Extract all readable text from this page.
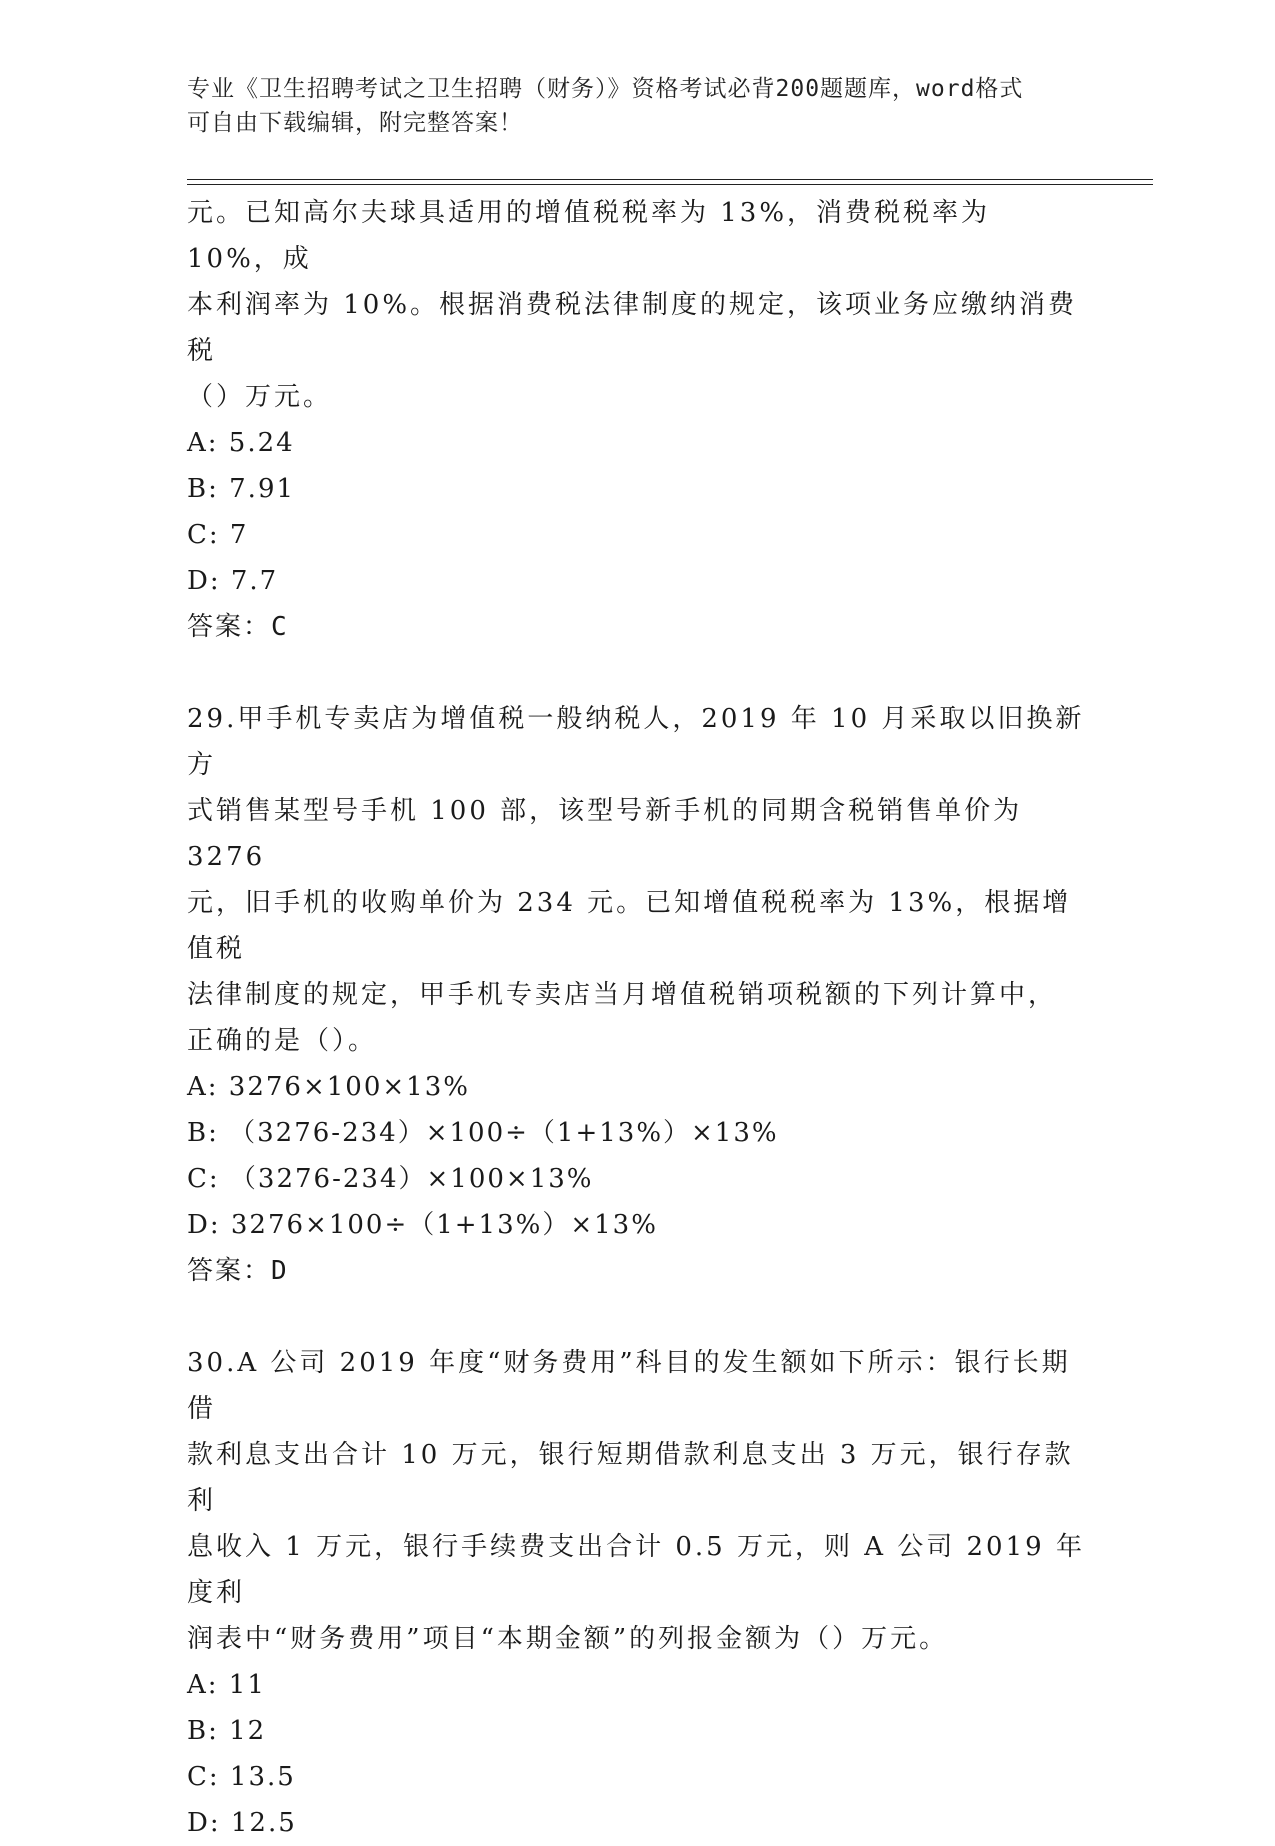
专业《卫生招聘考试之卫生招聘（财务）》资格考试必背200题题库，word格式
可自由下载编辑，附完整答案！
元。已知高尔夫球具适用的增值税税率为 13%，消费税税率为 10%，成
本利润率为 10%。根据消费税法律制度的规定，该项业务应缴纳消费税
（）万元。
A: 5.24
B: 7.91
C: 7
D: 7.7
答案：C
29.甲手机专卖店为增值税一般纳税人，2019 年 10 月采取以旧换新方
式销售某型号手机 100 部，该型号新手机的同期含税销售单价为 3276
元，旧手机的收购单价为 234 元。已知增值税税率为 13%，根据增值税
法律制度的规定，甲手机专卖店当月增值税销项税额的下列计算中，
正确的是（）。
A: 3276×100×13%
B: （3276-234）×100÷（1+13%）×13%
C: （3276-234）×100×13%
D: 3276×100÷（1+13%）×13%
答案：D
30.A 公司 2019 年度“财务费用”科目的发生额如下所示：银行长期借
款利息支出合计 10 万元，银行短期借款利息支出 3 万元，银行存款利
息收入 1 万元，银行手续费支出合计 0.5 万元，则 A 公司 2019 年度利
润表中“财务费用”项目“本期金额”的列报金额为（）万元。
A: 11
B: 12
C: 13.5
D: 12.5
